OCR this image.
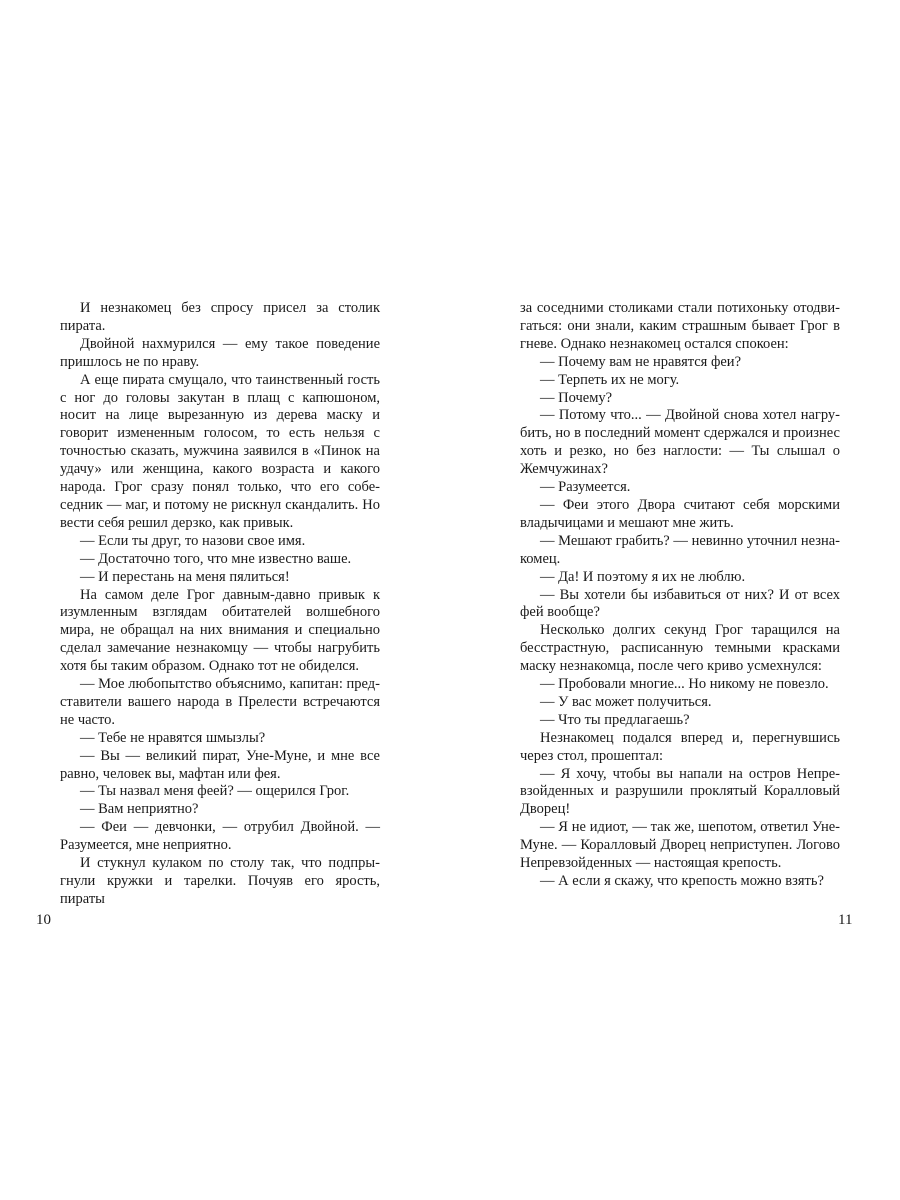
И незнакомец без спросу присел за столик пирата.

Двойной нахмурился — ему такое поведение пришлось не по нраву.

А еще пирата смущало, что таинственный гость с ног до головы закутан в плащ с капюшоном, носит на лице вырезанную из дерева маску и говорит измененным голосом, то есть нельзя с точностью сказать, мужчина заявился в «Пинок на удачу» или женщина, какого возраста и какого народа. Грог сразу понял только, что его собеседник — маг, и потому не рискнул скандалить. Но вести себя решил дерзко, как привык.

— Если ты друг, то назови свое имя.

— Достаточно того, что мне известно ваше.

— И перестань на меня пялиться!

На самом деле Грог давным-давно привык к изумленным взглядам обитателей волшебного мира, не обращал на них внимания и специально сделал замечание незнакомцу — чтобы нагрубить хотя бы таким образом. Однако тот не обиделся.

— Мое любопытство объяснимо, капитан: представители вашего народа в Прелести встречаются не часто.

— Тебе не нравятся шмызлы?

— Вы — великий пират, Уне-Муне, и мне все равно, человек вы, мафтан или фея.

— Ты назвал меня феей? — ощерился Грог.

— Вам неприятно?

— Феи — девчонки, — отрубил Двойной. — Разумеется, мне неприятно.

И стукнул кулаком по столу так, что подпрыгнули кружки и тарелки. Почуяв его ярость, пираты

за соседними столиками стали потихоньку отодвигаться: они знали, каким страшным бывает Грог в гневе. Однако незнакомец остался спокоен:

— Почему вам не нравятся феи?

— Терпеть их не могу.

— Почему?

— Потому что... — Двойной снова хотел нагрубить, но в последний момент сдержался и произнес хоть и резко, но без наглости: — Ты слышал о Жемчужинах?

— Разумеется.

— Феи этого Двора считают себя морскими владычицами и мешают мне жить.

— Мешают грабить? — невинно уточнил незнакомец.

— Да! И поэтому я их не люблю.

— Вы хотели бы избавиться от них? И от всех фей вообще?

Несколько долгих секунд Грог таращился на бесстрастную, расписанную темными красками маску незнакомца, после чего криво усмехнулся:

— Пробовали многие... Но никому не повезло.

— У вас может получиться.

— Что ты предлагаешь?

Незнакомец подался вперед и, перегнувшись через стол, прошептал:

— Я хочу, чтобы вы напали на остров Непревзойденных и разрушили проклятый Коралловый Дворец!

— Я не идиот, — так же, шепотом, ответил Уне-Муне. — Коралловый Дворец неприступен. Логово Непревзойденных — настоящая крепость.

— А если я скажу, что крепость можно взять?

10	11
